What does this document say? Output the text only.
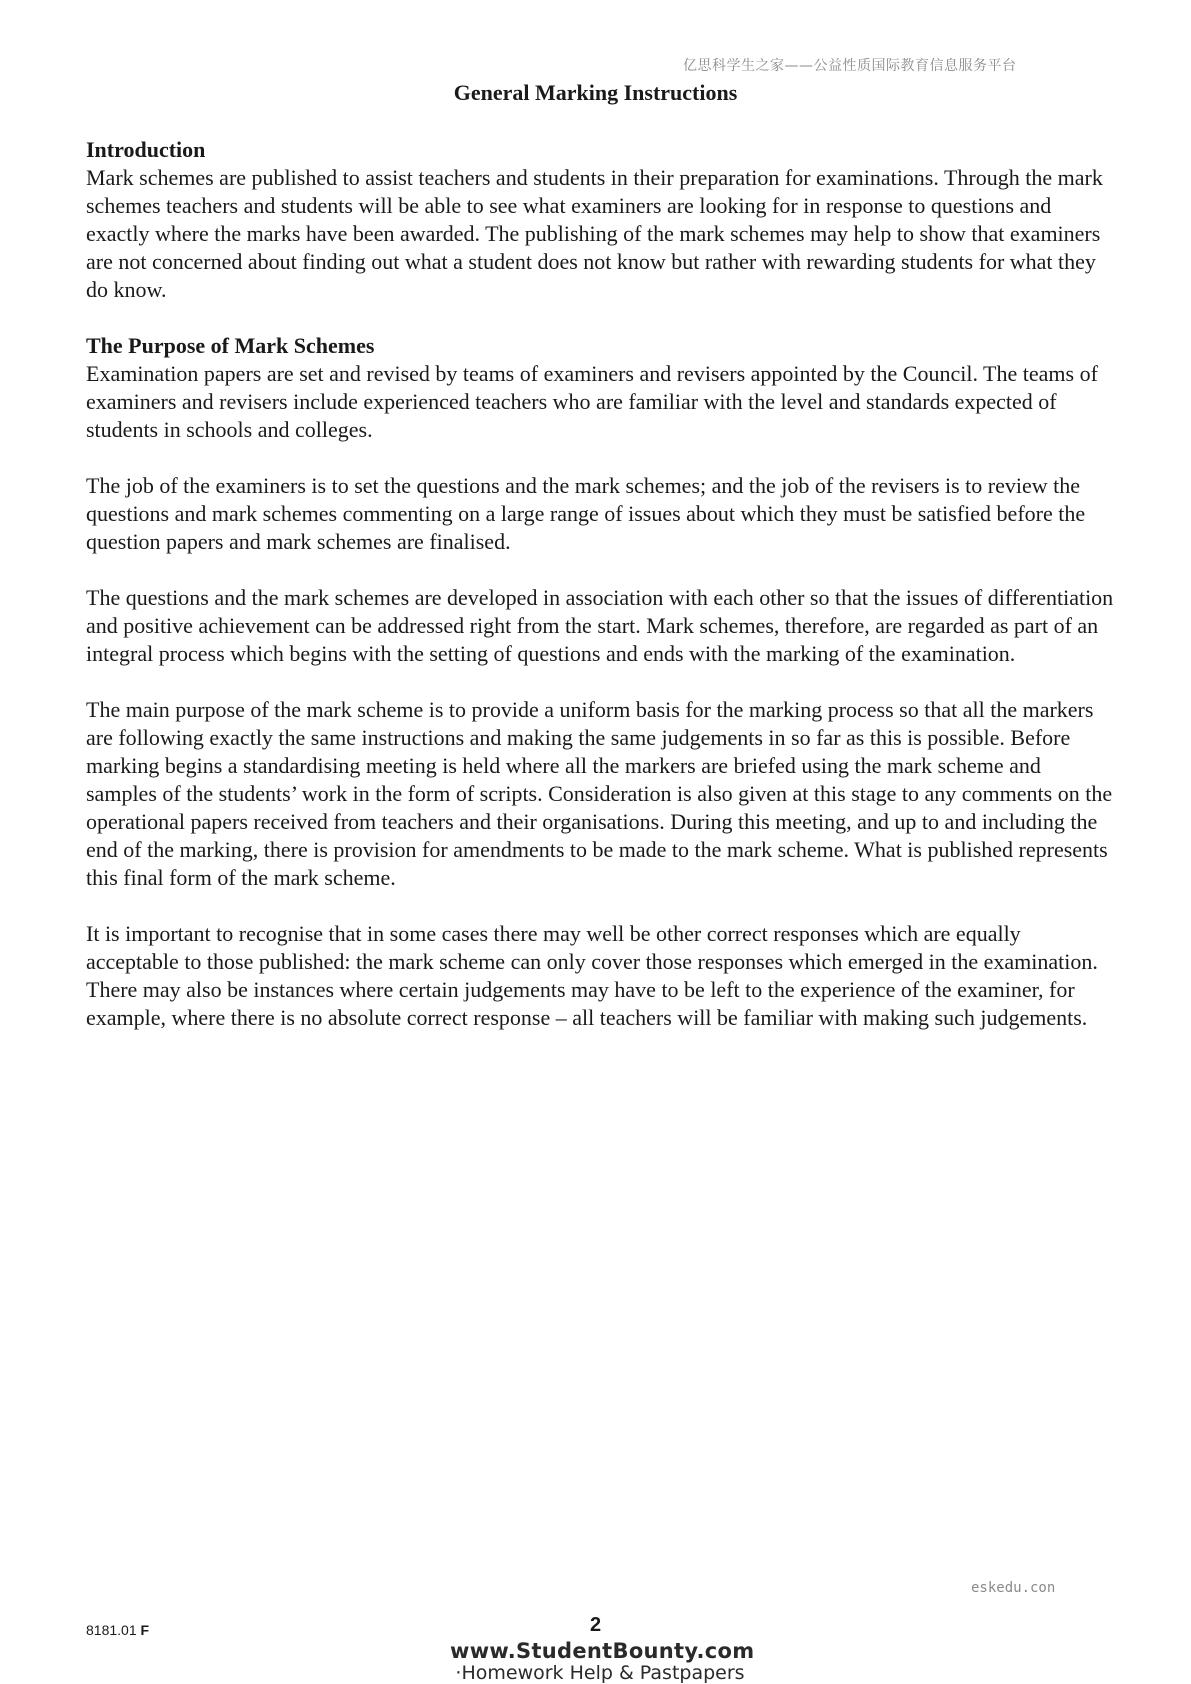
亿思科学生之家——公益性质国际教育信息服务平台
General Marking Instructions

Introduction

Mark schemes are published to assist teachers and students in their preparation for examinations. Through the mark schemes teachers and students will be able to see what examiners are looking for in response to questions and exactly where the marks have been awarded. The publishing of the mark schemes may help to show that examiners are not concerned about finding out what a student does not know but rather with rewarding students for what they do know.

The Purpose of Mark Schemes

Examination papers are set and revised by teams of examiners and revisers appointed by the Council. The teams of examiners and revisers include experienced teachers who are familiar with the level and standards expected of students in schools and colleges.

The job of the examiners is to set the questions and the mark schemes; and the job of the revisers is to review the questions and mark schemes commenting on a large range of issues about which they must be satisfied before the question papers and mark schemes are finalised.

The questions and the mark schemes are developed in association with each other so that the issues of differentiation and positive achievement can be addressed right from the start. Mark schemes, therefore, are regarded as part of an integral process which begins with the setting of questions and ends with the marking of the examination.

The main purpose of the mark scheme is to provide a uniform basis for the marking process so that all the markers are following exactly the same instructions and making the same judgements in so far as this is possible. Before marking begins a standardising meeting is held where all the markers are briefed using the mark scheme and samples of the students’ work in the form of scripts. Consideration is also given at this stage to any comments on the operational papers received from teachers and their organisations. During this meeting, and up to and including the end of the marking, there is provision for amendments to be made to the mark scheme. What is published represents this final form of the mark scheme.

It is important to recognise that in some cases there may well be other correct responses which are equally acceptable to those published: the mark scheme can only cover those responses which emerged in the examination. There may also be instances where certain judgements may have to be left to the experience of the examiner, for example, where there is no absolute correct response – all teachers will be familiar with making such judgements.

eskedu.con
8181.01 F	2
www.StudentBounty.com
·Homework Help & Pastpapers
